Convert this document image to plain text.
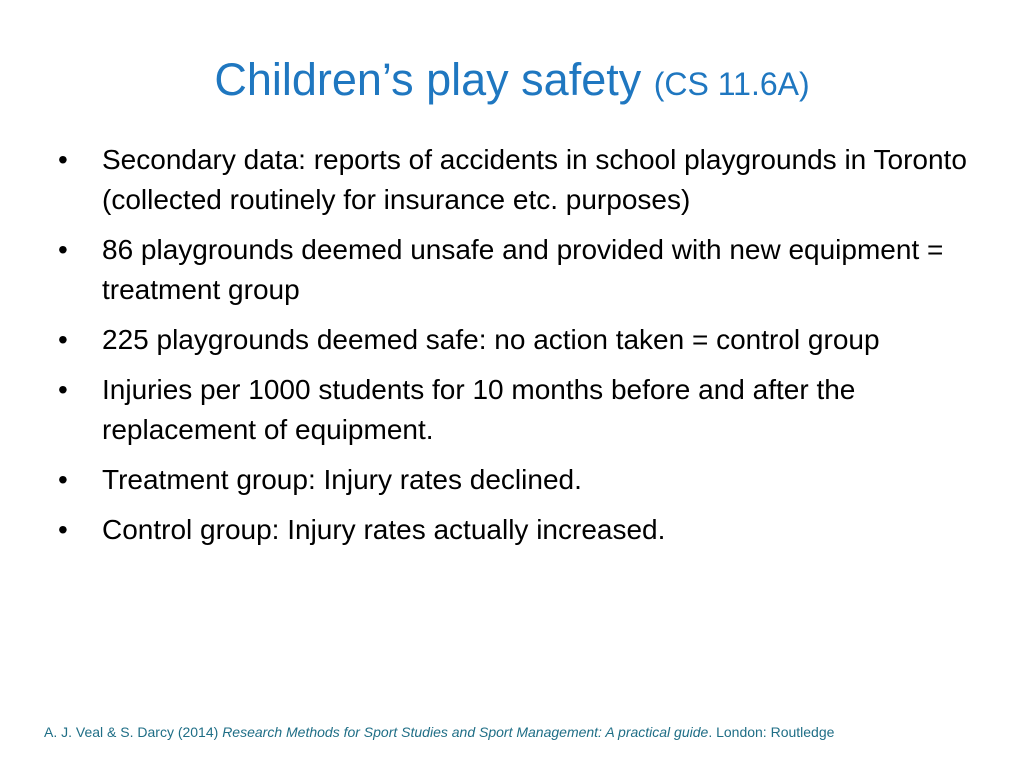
Children’s play safety (CS 11.6A)
•	Secondary data: reports of accidents in school playgrounds in Toronto (collected routinely for insurance etc. purposes)
•	86 playgrounds deemed unsafe and provided with new equipment = treatment group
•	225 playgrounds deemed safe: no action taken = control group
•	Injuries per 1000 students for 10 months before and after the replacement of equipment.
•	Treatment group: Injury rates declined.
•	Control group: Injury rates actually increased.
A. J. Veal & S. Darcy (2014) Research Methods for Sport Studies and Sport Management: A practical guide. London: Routledge
